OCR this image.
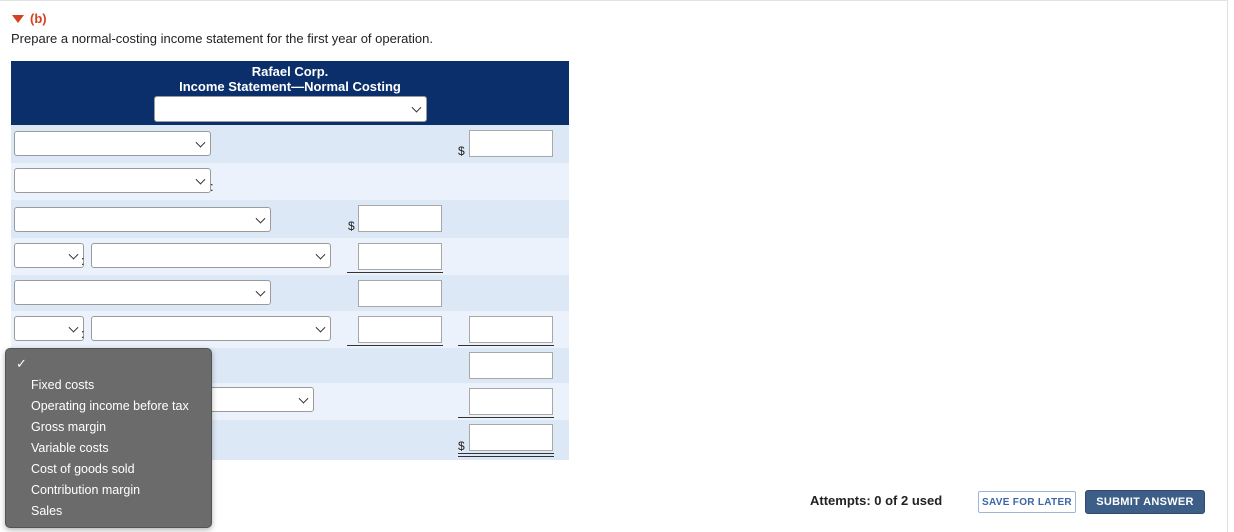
(b)
Prepare a normal-costing income statement for the first year of operation.
Rafael Corp.
Income Statement—Normal Costing
$
:
$
:
:
$
✓
Fixed costs
Operating income before tax
Gross margin
Variable costs
Cost of goods sold
Contribution margin
Sales
Attempts: 0 of 2 used	SAVE FOR LATER	SUBMIT ANSWER
